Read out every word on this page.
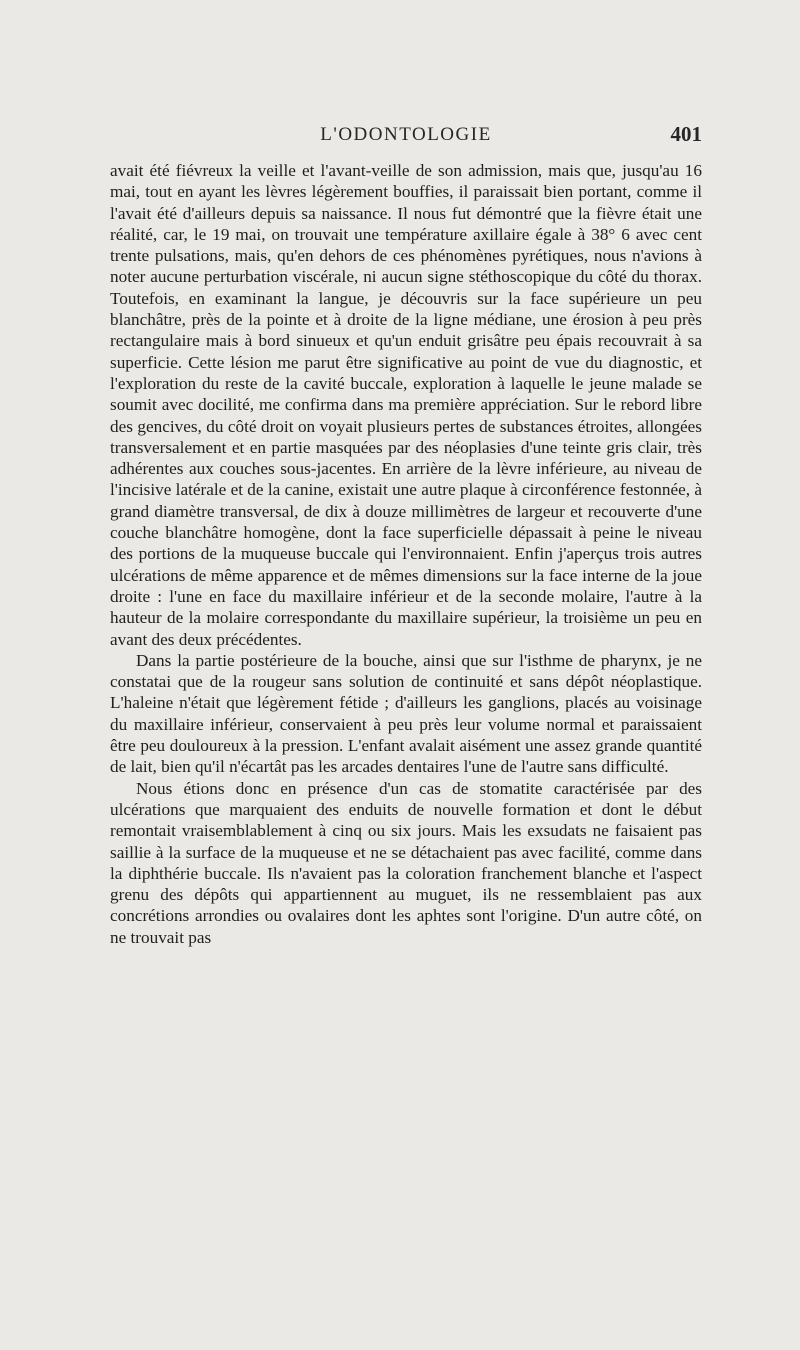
L'ODONTOLOGIE	401

avait été fiévreux la veille et l'avant-veille de son admission, mais que, jusqu'au 16 mai, tout en ayant les lèvres légèrement bouffies, il paraissait bien portant, comme il l'avait été d'ailleurs depuis sa naissance. Il nous fut démontré que la fièvre était une réalité, car, le 19 mai, on trouvait une température axillaire égale à 38° 6 avec cent trente pulsations, mais, qu'en dehors de ces phénomènes pyrétiques, nous n'avions à noter aucune perturbation viscérale, ni aucun signe stéthoscopique du côté du thorax. Toutefois, en examinant la langue, je découvris sur la face supérieure un peu blanchâtre, près de la pointe et à droite de la ligne médiane, une érosion à peu près rectangulaire mais à bord sinueux et qu'un enduit grisâtre peu épais recouvrait à sa superficie. Cette lésion me parut être significative au point de vue du diagnostic, et l'exploration du reste de la cavité buccale, exploration à laquelle le jeune malade se soumit avec docilité, me confirma dans ma première appréciation. Sur le rebord libre des gencives, du côté droit on voyait plusieurs pertes de substances étroites, allongées transversalement et en partie masquées par des néoplasies d'une teinte gris clair, très adhérentes aux couches sous-jacentes. En arrière de la lèvre inférieure, au niveau de l'incisive latérale et de la canine, existait une autre plaque à circonférence festonnée, à grand diamètre transversal, de dix à douze millimètres de largeur et recouverte d'une couche blanchâtre homogène, dont la face superficielle dépassait à peine le niveau des portions de la muqueuse buccale qui l'environnaient. Enfin j'aperçus trois autres ulcérations de même apparence et de mêmes dimensions sur la face interne de la joue droite : l'une en face du maxillaire inférieur et de la seconde molaire, l'autre à la hauteur de la molaire correspondante du maxillaire supérieur, la troisième un peu en avant des deux précédentes.

Dans la partie postérieure de la bouche, ainsi que sur l'isthme de pharynx, je ne constatai que de la rougeur sans solution de continuité et sans dépôt néoplastique. L'haleine n'était que légèrement fétide ; d'ailleurs les ganglions, placés au voisinage du maxillaire inférieur, conservaient à peu près leur volume normal et paraissaient être peu douloureux à la pression. L'enfant avalait aisément une assez grande quantité de lait, bien qu'il n'écartât pas les arcades dentaires l'une de l'autre sans difficulté.

Nous étions donc en présence d'un cas de stomatite caractérisée par des ulcérations que marquaient des enduits de nouvelle formation et dont le début remontait vraisemblablement à cinq ou six jours. Mais les exsudats ne faisaient pas saillie à la surface de la muqueuse et ne se détachaient pas avec facilité, comme dans la diphthérie buccale. Ils n'avaient pas la coloration franchement blanche et l'aspect grenu des dépôts qui appartiennent au muguet, ils ne ressemblaient pas aux concrétions arrondies ou ovalaires dont les aphtes sont l'origine. D'un autre côté, on ne trouvait pas
